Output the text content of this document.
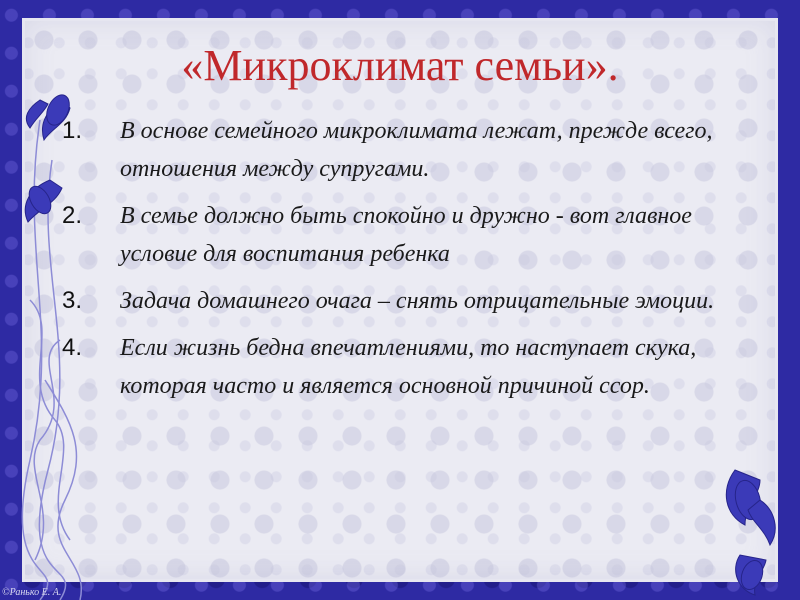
«Микроклимат семьи».
1.	В основе семейного микроклимата лежат, прежде всего, отношения между супругами.
2.	В семье должно быть спокойно и дружно - вот главное условие для воспитания ребенка
3.	Задача домашнего очага – снять отрицательные эмоции.
4.	Если жизнь бедна впечатлениями, то наступает скука, которая часто и является основной причиной ссор.
©Ранько Е. А.
